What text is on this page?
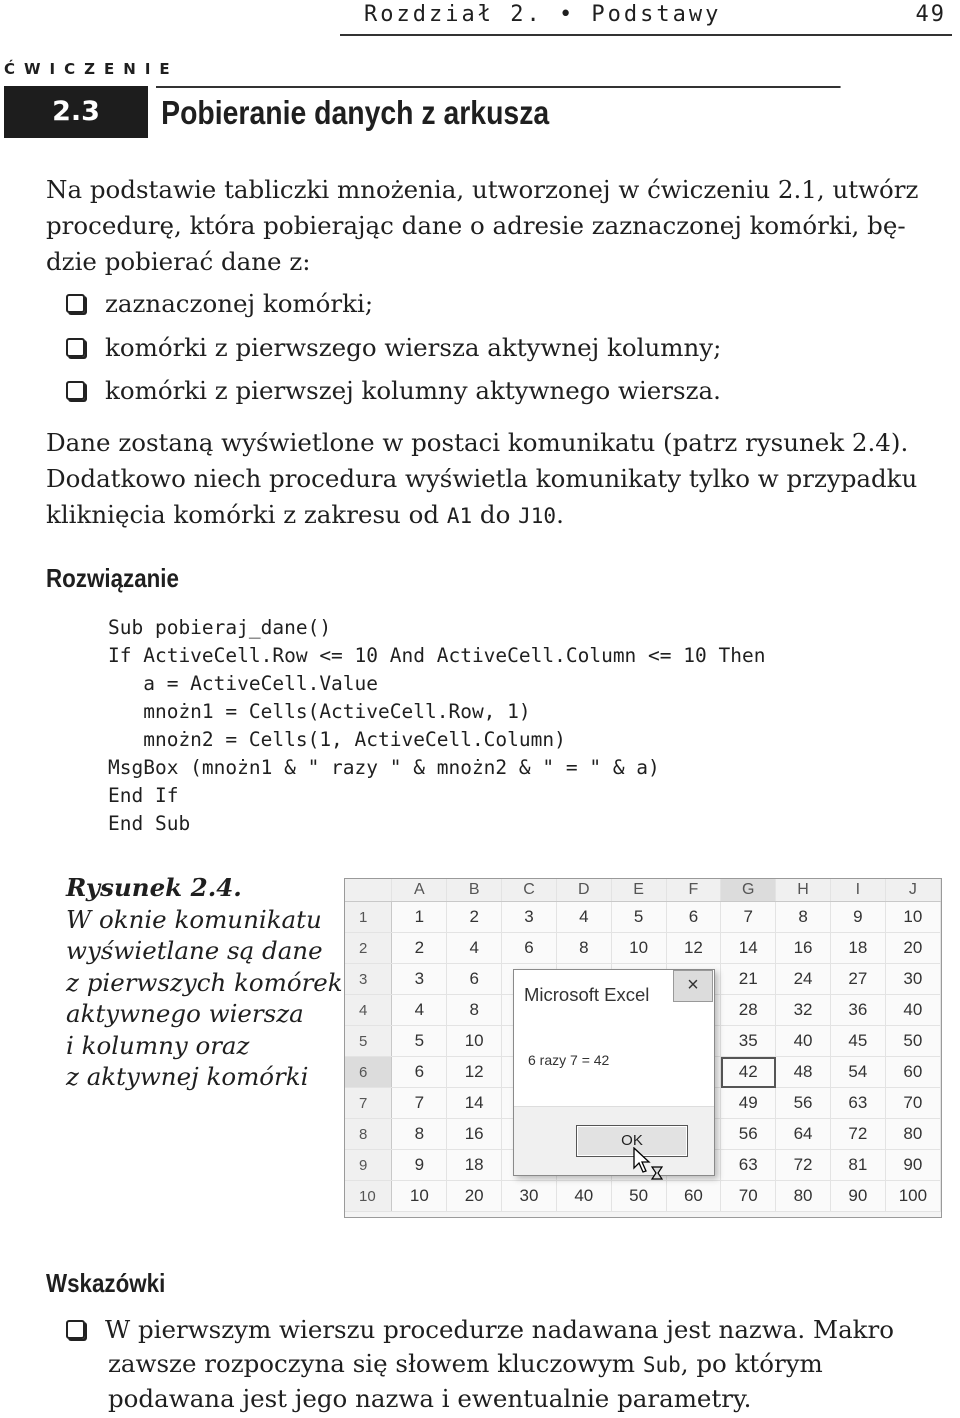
Rozdział 2. • Podstawy	49
ĆWICZENIE
2.3	Pobieranie danych z arkusza

Na podstawie tabliczki mnożenia, utworzonej w ćwiczeniu 2.1, utwórz

procedurę, która pobierając dane o adresie zaznaczonej komórki, bę-

dzie pobierać dane z:

zaznaczonej komórki;
komórki z pierwszego wiersza aktywnej kolumny;
komórki z pierwszej kolumny aktywnego wiersza.

Dane zostaną wyświetlone w postaci komunikatu (patrz rysunek 2.4).

Dodatkowo niech procedura wyświetla komunikaty tylko w przypadku

kliknięcia komórki z zakresu od A1 do J10.

Rozwiązanie
Sub pobieraj_dane()
If ActiveCell.Row <= 10 And ActiveCell.Column <= 10 Then
a = ActiveCell.Value
mnożn1 = Cells(ActiveCell.Row, 1)
mnożn2 = Cells(1, ActiveCell.Column)
MsgBox (mnożn1 & " razy " & mnożn2 & " = " & a)
End If
End Sub
Rysunek 2.4.
W oknie komunikatu
wyświetlane są dane
z pierwszych komórek
aktywnego wiersza
i kolumny oraz
z aktywnej komórki
	A	B	C	D	E	F	G	H	I	J
1	1	2	3	4	5	6	7	8	9	10
2	2	4	6	8	10	12	14	16	18	20
3	3	6					21	24	27	30
4	4	8					28	32	36	40
5	5	10					35	40	45	50
6	6	12					42	48	54	60
7	7	14					49	56	63	70
8	8	16					56	64	72	80
9	9	18					63	72	81	90
10	10	20	30	40	50	60	70	80	90	100
Microsoft Excel	×
6 razy 7 = 42
OK
Wskazówki
W pierwszym wierszu procedurze nadawana jest nazwa. Makro

zawsze rozpoczyna się słowem kluczowym Sub, po którym

podawana jest jego nazwa i ewentualnie parametry.
